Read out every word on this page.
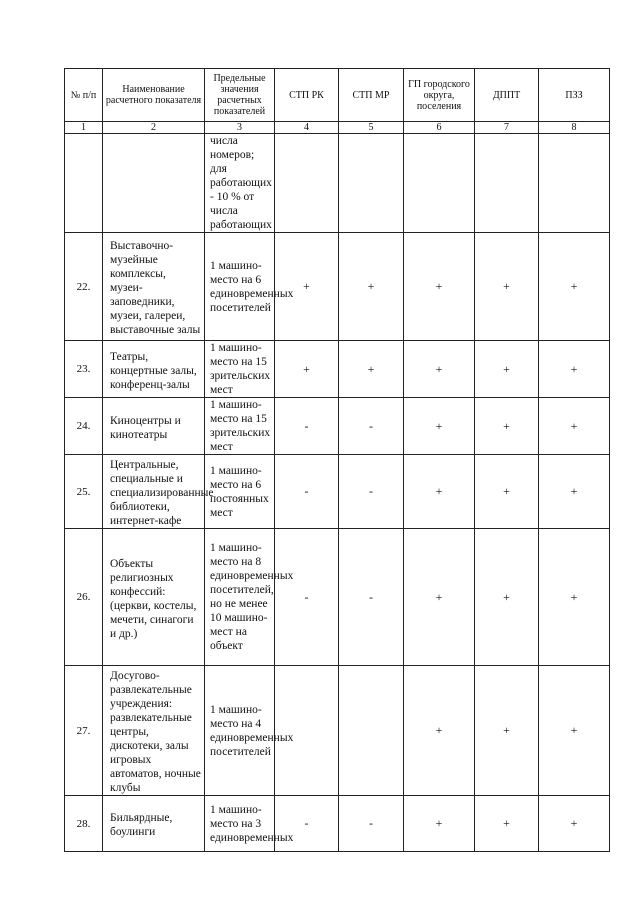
№ п/п	Наименование расчетного показателя	Предельные значения расчетных показателей	СТП РК	СТП МР	ГП городского округа, поселения	ДППТ	ПЗЗ
1	2	3	4	5	6	7	8
		числа номеров; для работающих - 10 % от числа работающих					
22.	Выставочно-музейные комплексы, музеи-заповедники, музеи, галереи, выставочные залы	1 машино-место на 6 единовременных посетителей	+	+	+	+	+
23.	Театры, концертные залы, конференц-залы	1 машино-место на 15 зрительских мест	+	+	+	+	+
24.	Киноцентры и кинотеатры	1 машино-место на 15 зрительских мест	-	-	+	+	+
25.	Центральные, специальные и специализированные библиотеки, интернет-кафе	1 машино-место на 6 постоянных мест	-	-	+	+	+
26.	Объекты религиозных конфессий: (церкви, костелы, мечети, синагоги и др.)	1 машино-место на 8 единовременных посетителей, но не менее 10 машино-мест на объект	-	-	+	+	+
27.	Досугово-развлекательные учреждения: развлекательные центры, дискотеки, залы игровых автоматов, ночные клубы	1 машино-место на 4 единовременных посетителей			+	+	+
28.	Бильярдные, боулинги	1 машино-место на 3 единовременных	-	-	+	+	+
